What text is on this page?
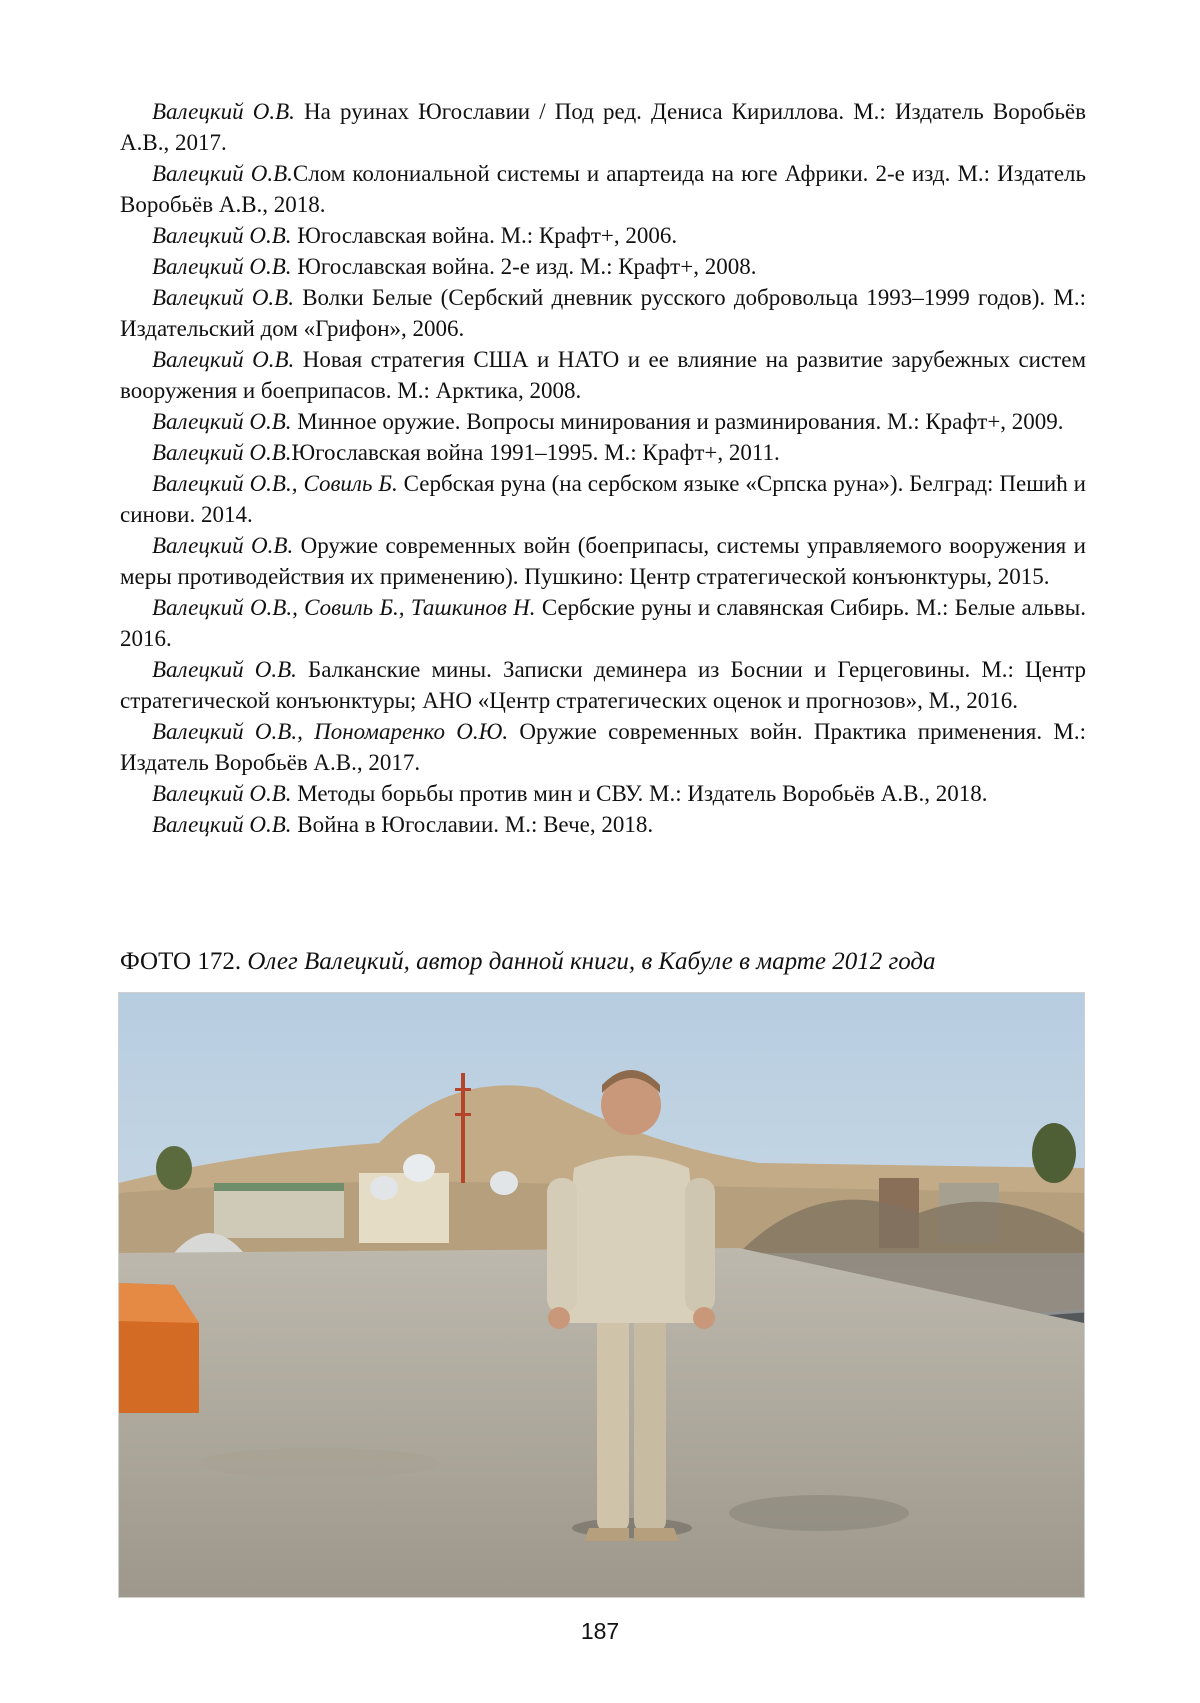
Валецкий О.В. На руинах Югославии / Под ред. Дениса Кириллова. М.: Издатель Воробьёв А.В., 2017.

Валецкий О.В.Слом колониальной системы и апартеида на юге Африки. 2-е изд. М.: Издатель Воробьёв А.В., 2018.

Валецкий О.В. Югославская война. М.: Крафт+, 2006.

Валецкий О.В. Югославская война. 2-е изд. М.: Крафт+, 2008.

Валецкий О.В. Волки Белые (Сербский дневник русского добровольца 1993–1999 годов). М.: Издательский дом «Грифон», 2006.

Валецкий О.В. Новая стратегия США и НАТО и ее влияние на развитие зарубежных систем вооружения и боеприпасов. М.: Арктика, 2008.

Валецкий О.В. Минное оружие. Вопросы минирования и разминирования. М.: Крафт+, 2009.

Валецкий О.В.Югославская война 1991–1995. М.: Крафт+, 2011.

Валецкий О.В., Совиль Б. Сербская руна (на сербском языке «Српска руна»). Белград: Пешић и синови. 2014.

Валецкий О.В. Оружие современных войн (боеприпасы, системы управляемого вооружения и меры противодействия их применению). Пушкино: Центр стратегической конъюнктуры, 2015.

Валецкий О.В., Совиль Б., Ташкинов Н. Сербские руны и славянская Сибирь. М.: Белые альвы. 2016.

Валецкий О.В. Балканские мины. Записки деминера из Боснии и Герцеговины. М.: Центр стратегической конъюнктуры; АНО «Центр стратегических оценок и прогнозов», М., 2016.

Валецкий О.В., Пономаренко О.Ю. Оружие современных войн. Практика применения. М.: Издатель Воробьёв А.В., 2017.

Валецкий О.В. Методы борьбы против мин и СВУ. М.: Издатель Воробьёв А.В., 2018.

Валецкий О.В. Война в Югославии. М.: Вече, 2018.

ФОТО 172. Олег Валецкий, автор данной книги, в Кабуле в марте 2012 года
187
